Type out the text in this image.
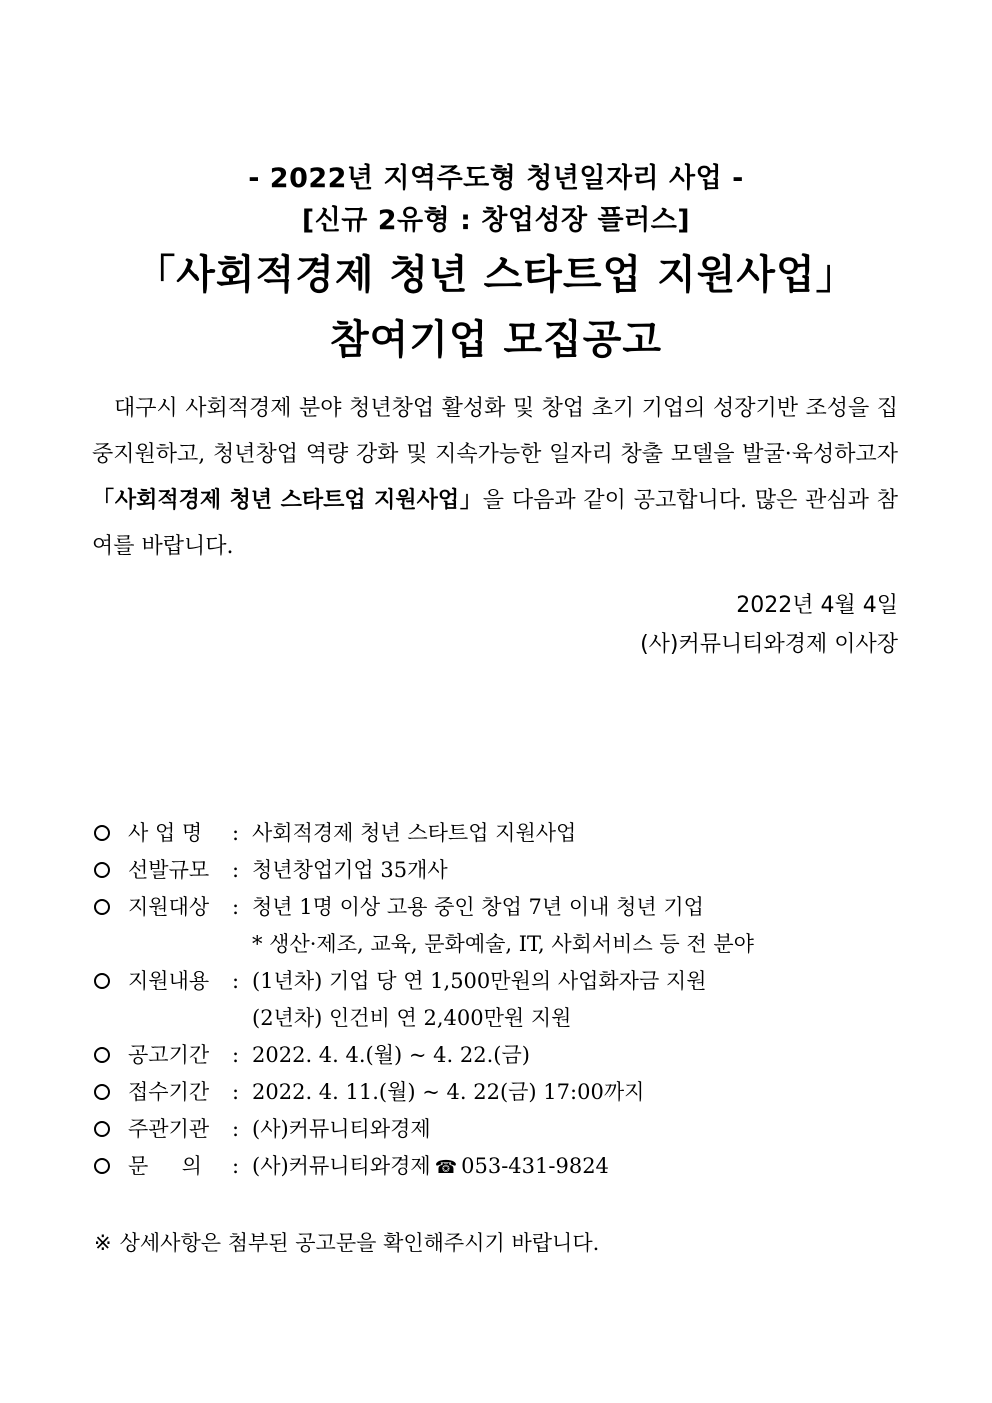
- 2022년 지역주도형 청년일자리 사업 -
[신규 2유형 : 창업성장 플러스]
「사회적경제 청년 스타트업 지원사업」
참여기업 모집공고
대구시 사회적경제 분야 청년창업 활성화 및 창업 초기 기업의 성장기반 조성을 집중지원하고, 청년창업 역량 강화 및 지속가능한 일자리 창출 모델을 발굴·육성하고자 「사회적경제 청년 스타트업 지원사업」을 다음과 같이 공고합니다. 많은 관심과 참여를 바랍니다.
2022년 4월 4일
(사)커뮤니티와경제 이사장
사 업 명 : 사회적경제 청년 스타트업 지원사업
선발규모 : 청년창업기업 35개사
지원대상 : 청년 1명 이상 고용 중인 창업 7년 이내 청년 기업
* 생산·제조, 교육, 문화예술, IT, 사회서비스 등 전 분야
지원내용 : (1년차) 기업 당 연 1,500만원의 사업화자금 지원
(2년차) 인건비 연 2,400만원 지원
공고기간 : 2022. 4. 4.(월) ~ 4. 22.(금)
접수기간 : 2022. 4. 11.(월) ~ 4. 22(금) 17:00까지
주관기관 : (사)커뮤니티와경제
문     의 : (사)커뮤니티와경제 ☎ 053-431-9824
※ 상세사항은 첨부된 공고문을 확인해주시기 바랍니다.
